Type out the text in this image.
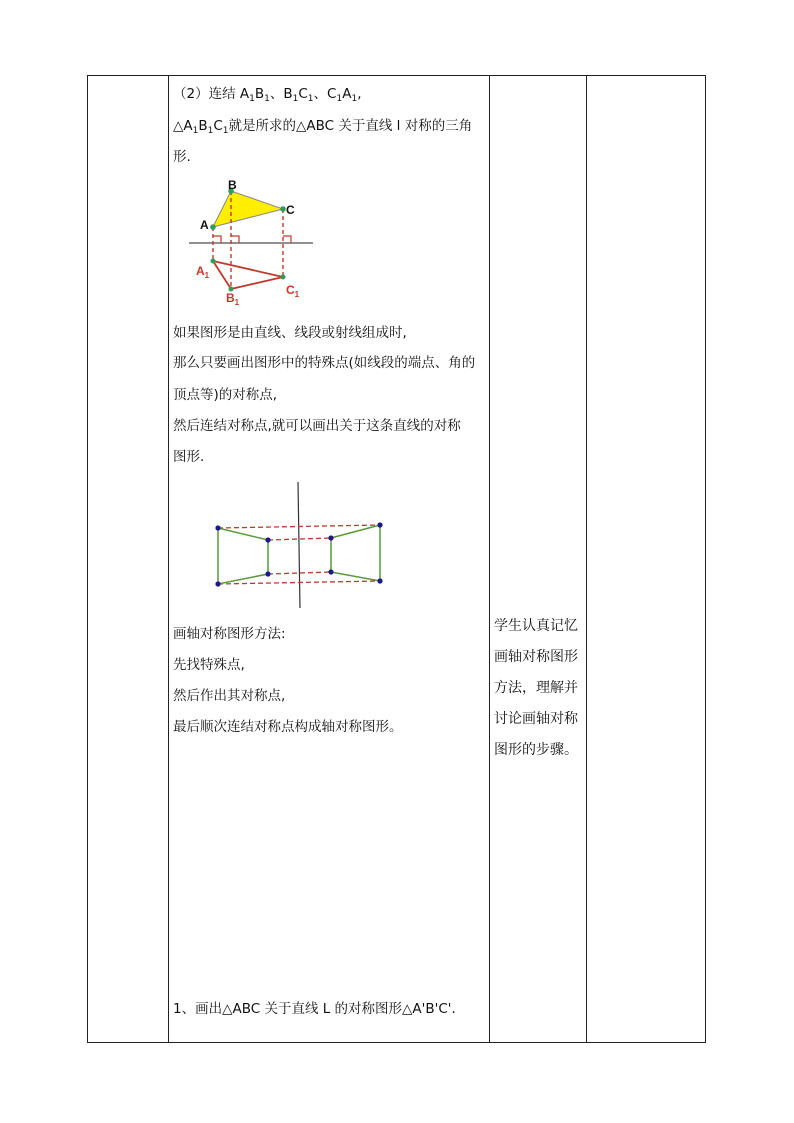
（2）连结 $A_1B_1$、$B_1C_1$、$C_1A_1$,
$\triangle A_1B_1C_1$就是所求的△ABC 关于直线 l 对称的三角
形.
A
B
C
$A_1$
$B_1$
$C_1$
如果图形是由直线、线段或射线组成时,
那么只要画出图形中的特殊点(如线段的端点、角的
顶点等)的对称点,
然后连结对称点,就可以画出关于这条直线的对称
图形.
画轴对称图形方法:
先找特殊点,
然后作出其对称点,
最后顺次连结对称点构成轴对称图形。
1、画出△ABC 关于直线 L 的对称图形△A'B'C'．
学生认真记忆
画轴对称图形
方法，理解并
讨论画轴对称
图形的步骤。
